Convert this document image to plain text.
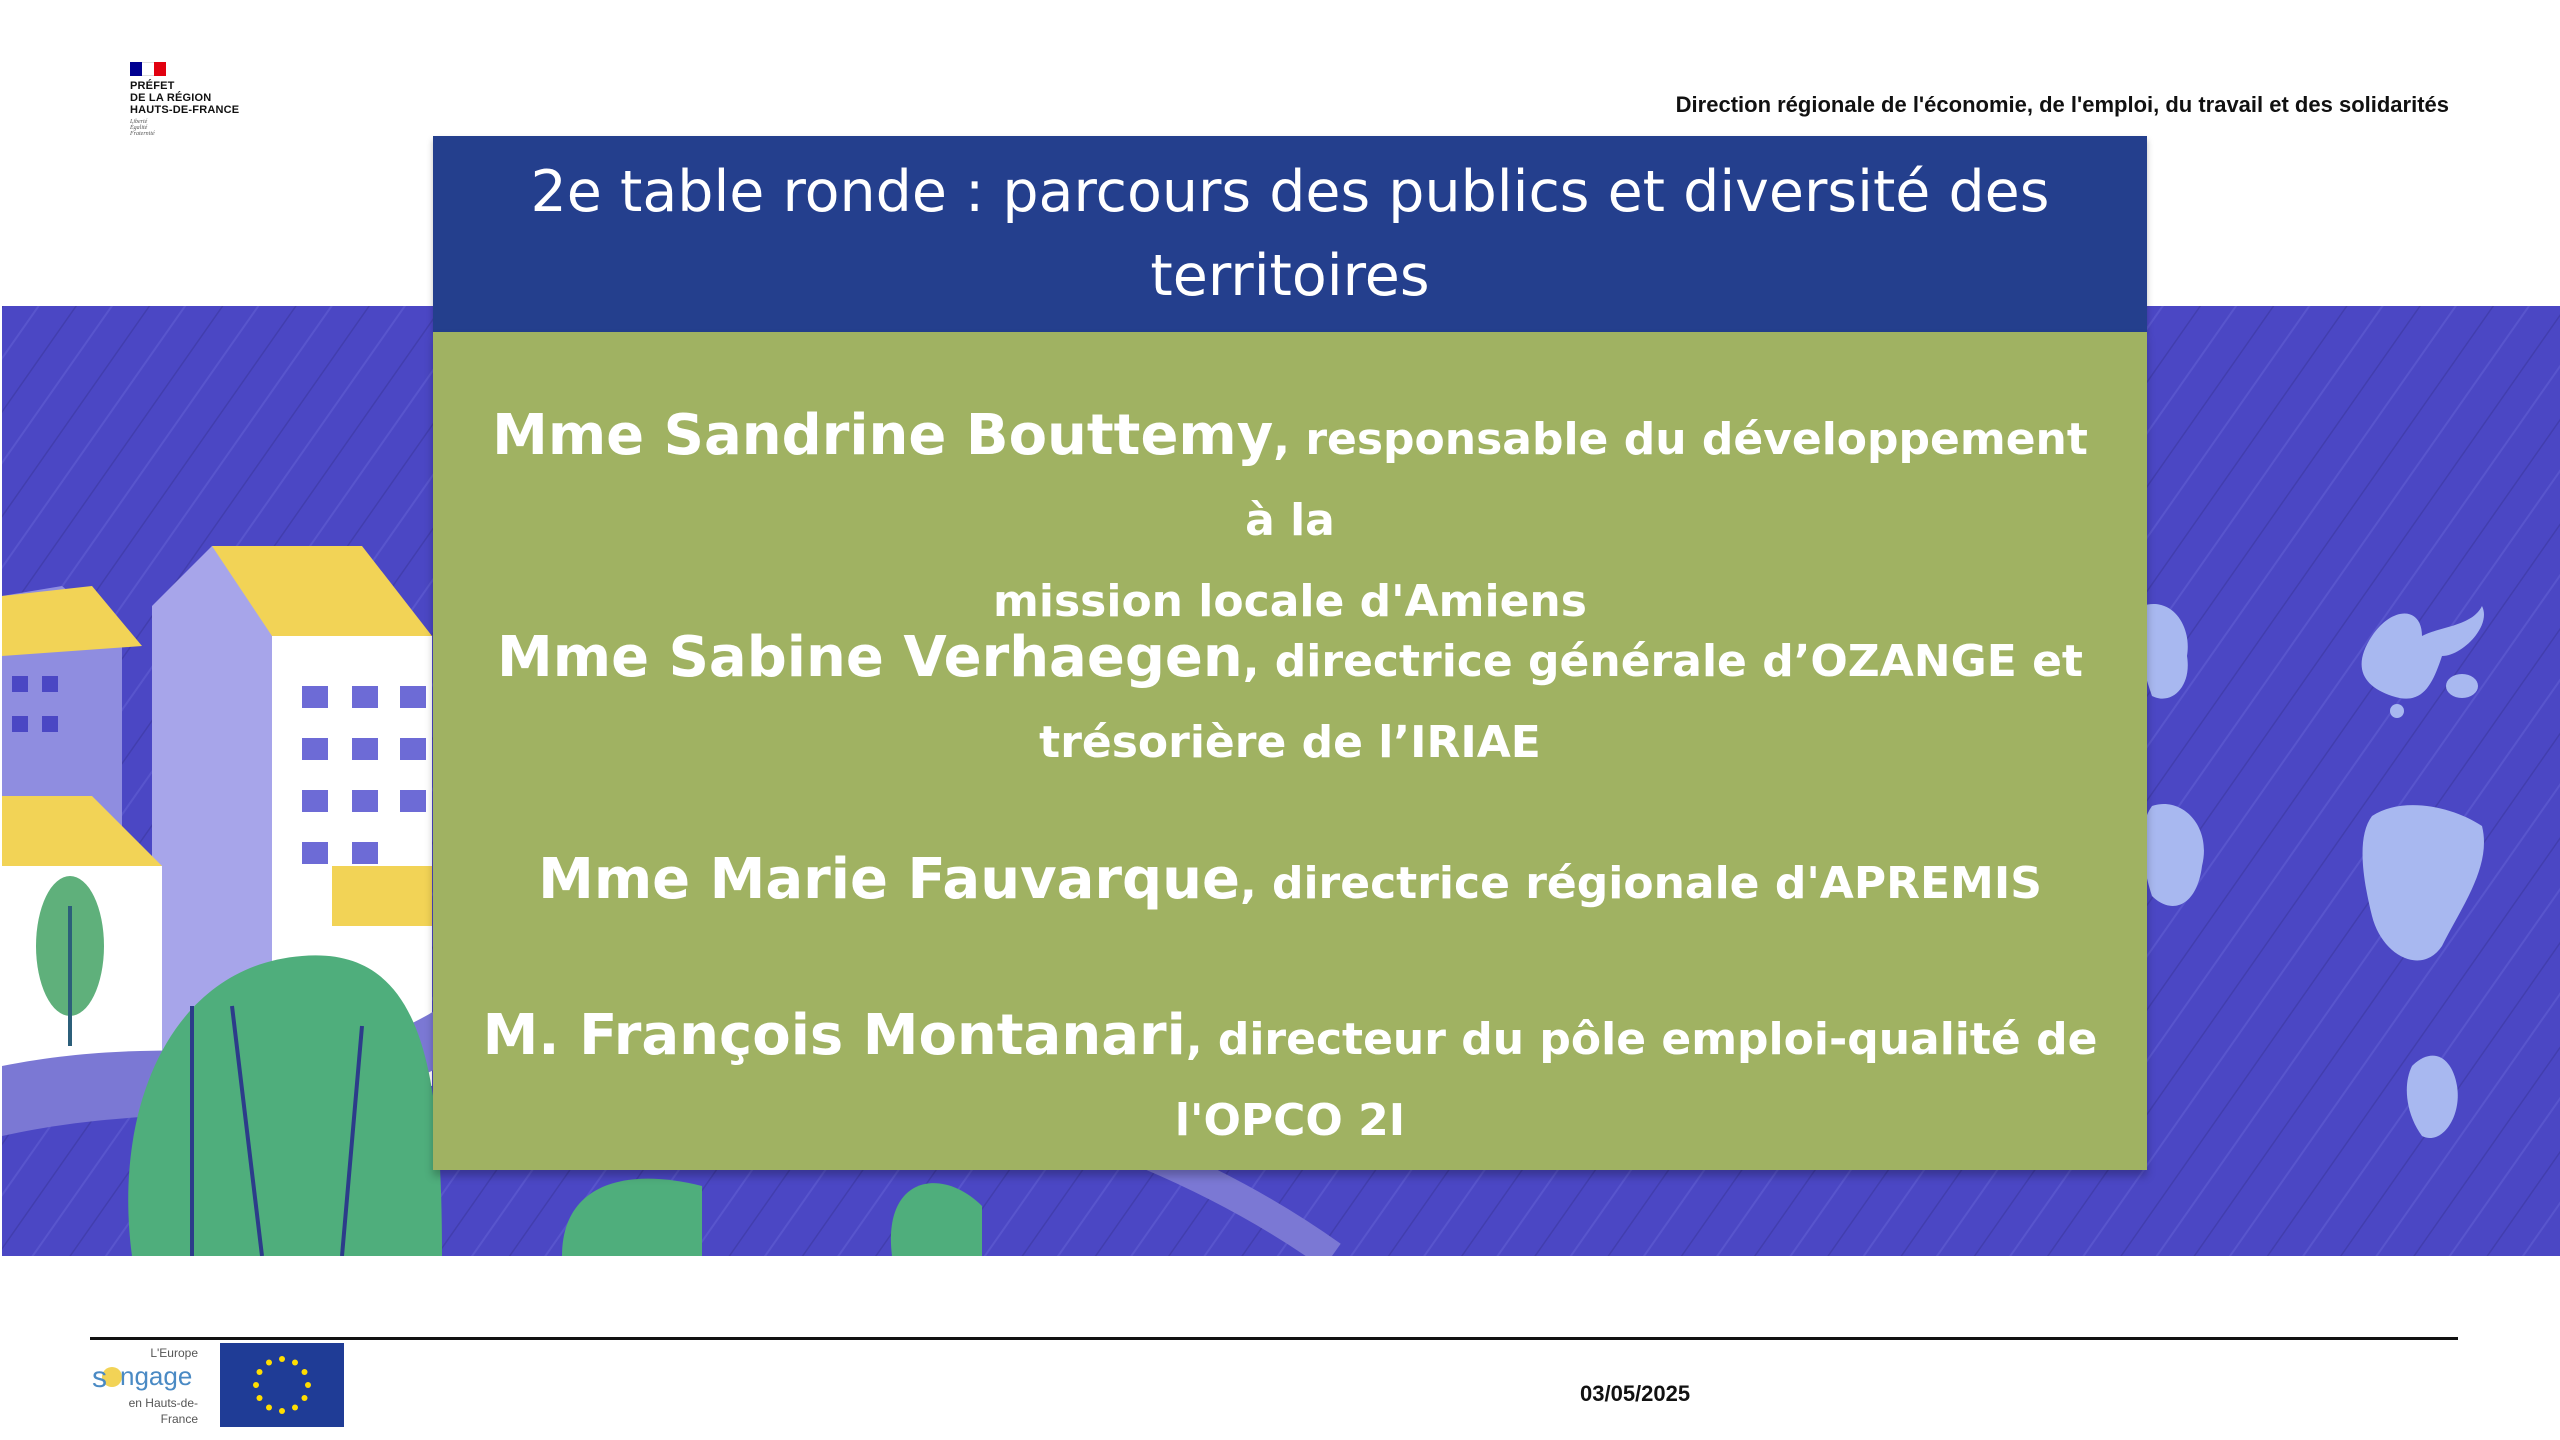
PRÉFET
DE LA RÉGION
HAUTS-DE-FRANCE
Liberté
Égalité
Fraternité
Direction régionale de l'économie, de l'emploi, du travail et des solidarités

2e table ronde : parcours des publics et diversité des
territoires

Mme Sandrine Bouttemy, responsable du développement à la
mission locale d'Amiens
Mme Sabine Verhaegen, directrice générale d’OZANGE et
trésorière de l’IRIAE
Mme Marie Fauvarque, directrice régionale d'APREMIS
M. François Montanari, directeur du pôle emploi-qualité de
l'OPCO 2I
L'Europe
s ngage
en Hauts-de-
France
03/05/2025
